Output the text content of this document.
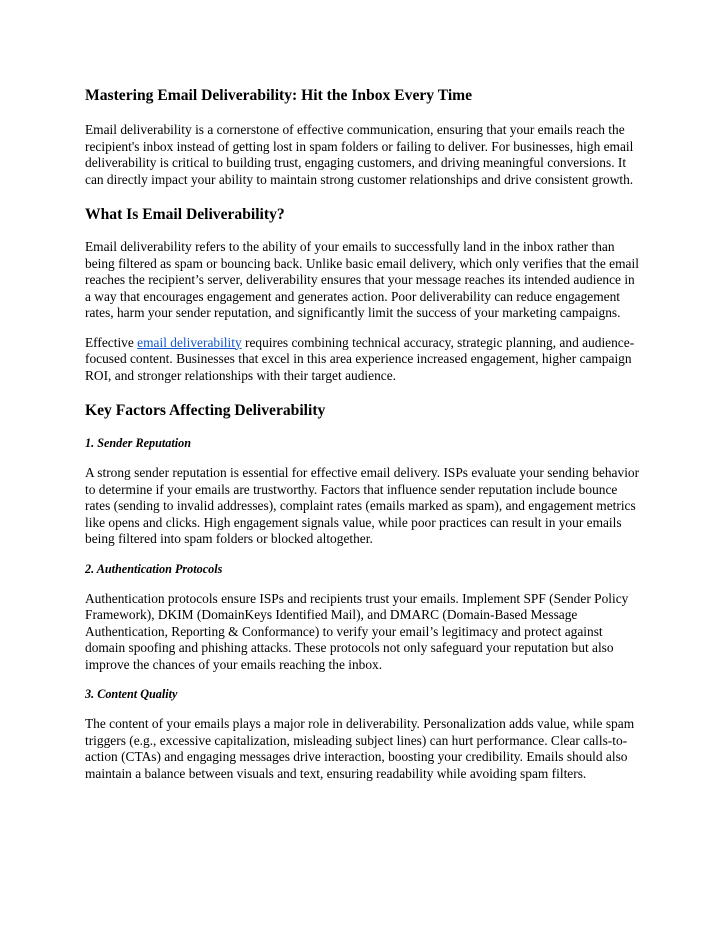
Mastering Email Deliverability: Hit the Inbox Every Time

Email deliverability is a cornerstone of effective communication, ensuring that your emails reach the recipient's inbox instead of getting lost in spam folders or failing to deliver. For businesses, high email deliverability is critical to building trust, engaging customers, and driving meaningful conversions. It can directly impact your ability to maintain strong customer relationships and drive consistent growth.

What Is Email Deliverability?

Email deliverability refers to the ability of your emails to successfully land in the inbox rather than being filtered as spam or bouncing back. Unlike basic email delivery, which only verifies that the email reaches the recipient’s server, deliverability ensures that your message reaches its intended audience in a way that encourages engagement and generates action. Poor deliverability can reduce engagement rates, harm your sender reputation, and significantly limit the success of your marketing campaigns.

Effective email deliverability requires combining technical accuracy, strategic planning, and audience-focused content. Businesses that excel in this area experience increased engagement, higher campaign ROI, and stronger relationships with their target audience.

Key Factors Affecting Deliverability
1. Sender Reputation

A strong sender reputation is essential for effective email delivery. ISPs evaluate your sending behavior to determine if your emails are trustworthy. Factors that influence sender reputation include bounce rates (sending to invalid addresses), complaint rates (emails marked as spam), and engagement metrics like opens and clicks. High engagement signals value, while poor practices can result in your emails being filtered into spam folders or blocked altogether.

2. Authentication Protocols

Authentication protocols ensure ISPs and recipients trust your emails. Implement SPF (Sender Policy Framework), DKIM (DomainKeys Identified Mail), and DMARC (Domain-Based Message Authentication, Reporting & Conformance) to verify your email’s legitimacy and protect against domain spoofing and phishing attacks. These protocols not only safeguard your reputation but also improve the chances of your emails reaching the inbox.

3. Content Quality

The content of your emails plays a major role in deliverability. Personalization adds value, while spam triggers (e.g., excessive capitalization, misleading subject lines) can hurt performance. Clear calls-to-action (CTAs) and engaging messages drive interaction, boosting your credibility. Emails should also maintain a balance between visuals and text, ensuring readability while avoiding spam filters.
